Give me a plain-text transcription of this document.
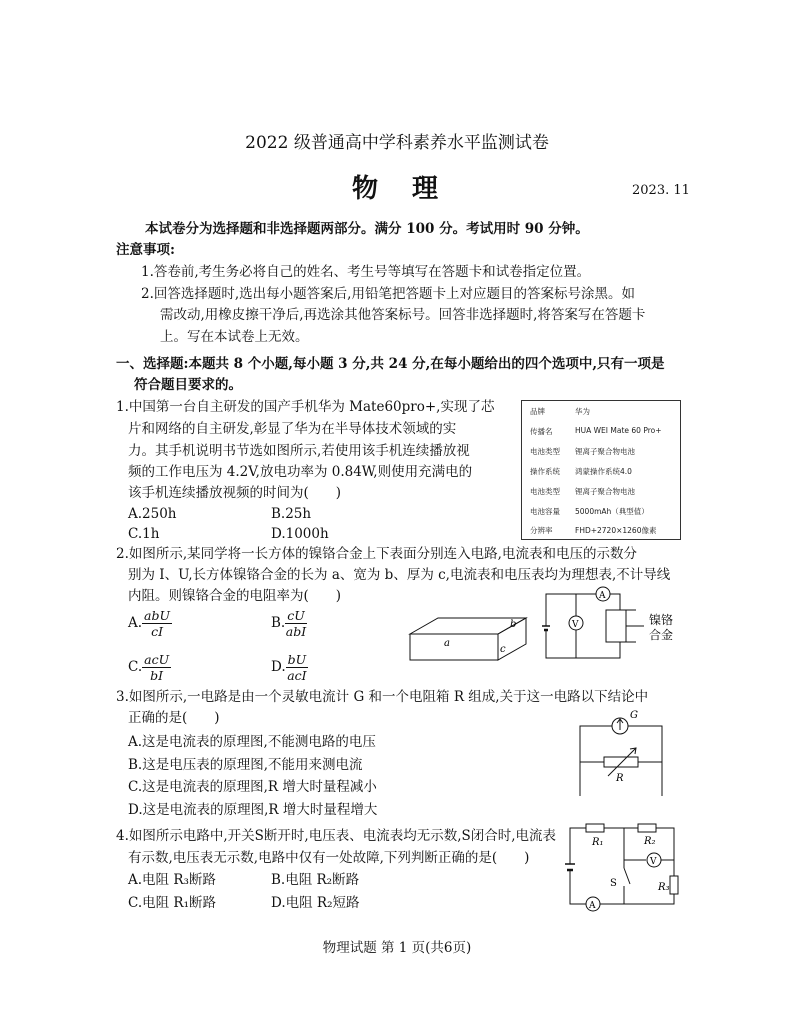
2022 级普通高中学科素养水平监测试卷
物　理	2023. 11
本试卷分为选择题和非选择题两部分。满分 100 分。考试用时 90 分钟。
注意事项:
1.答卷前,考生务必将自己的姓名、考生号等填写在答题卡和试卷指定位置。
2.回答选择题时,选出每小题答案后,用铅笔把答题卡上对应题目的答案标号涂黑。如
需改动,用橡皮擦干净后,再选涂其他答案标号。回答非选择题时,将答案写在答题卡
上。写在本试卷上无效。
一、选择题:本题共 8 个小题,每小题 3 分,共 24 分,在每小题给出的四个选项中,只有一项是
符合题目要求的。
1.中国第一台自主研发的国产手机华为 Mate60pro+,实现了芯
片和网络的自主研发,彰显了华为在半导体技术领域的实
力。其手机说明书节选如图所示,若使用该手机连续播放视
频的工作电压为 4.2V,放电功率为 0.84W,则使用充满电的
该手机连续播放视频的时间为(　　)
A.250h	B.25h
C.1h	D.1000h
品牌	华为
传播名	HUA WEI Mate 60 Pro+
电池类型 锂离子聚合物电池
操作系统 鸿蒙操作系统4.0
电池类型 锂离子聚合物电池
电池容量 5000mAh（典型值）
分辨率	FHD+2720×1260像素
2.如图所示,某同学将一长方体的镍铬合金上下表面分别连入电路,电流表和电压的示数分
别为 I、U,长方体镍铬合金的长为 a、宽为 b、厚为 c,电流表和电压表均为理想表,不计导线
内阻。则镍铬合金的电阻率为(　　)
A. $\frac{\text{abU}}{cI}$	B. $\frac{cU}{\text{abI}}$
C. $\frac{\text{acU}}{bI}$	D. $\frac{bU}{\text{acI}}$
a
b
c
V
A
镍铬
合金
3.如图所示,一电路是由一个灵敏电流计 G 和一个电阻箱 R 组成,关于这一电路以下结论中
正确的是(　　)
A.这是电流表的原理图,不能测电路的电压
B.这是电压表的原理图,不能用来测电流
C.这是电流表的原理图,R 增大时量程减小
D.这是电流表的原理图,R 增大时量程增大
G
R
4.如图所示电路中,开关S断开时,电压表、电流表均无示数,S闭合时,电流表
有示数,电压表无示数,电路中仅有一处故障,下列判断正确的是(　　)
A.电阻 R₃断路	B.电阻 R₂断路
C.电阻 R₁断路	D.电阻 R₂短路
R₁	R₂
R₃
S
V
A
物理试题 第 1 页(共6页)
